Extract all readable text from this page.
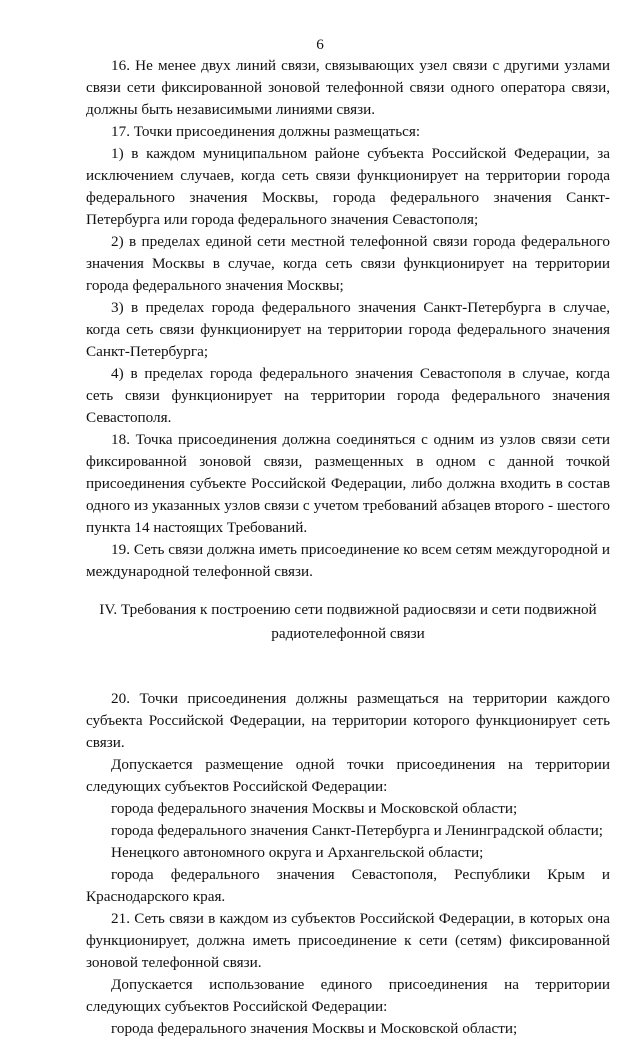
6

16. Не менее двух линий связи, связывающих узел связи с другими узлами связи сети фиксированной зоновой телефонной связи одного оператора связи, должны быть независимыми линиями связи.

17. Точки присоединения должны размещаться:

1) в каждом муниципальном районе субъекта Российской Федерации, за исключением случаев, когда сеть связи функционирует на территории города федерального значения Москвы, города федерального значения Санкт-Петербурга или города федерального значения Севастополя;

2) в пределах единой сети местной телефонной связи города федерального значения Москвы в случае, когда сеть связи функционирует на территории города федерального значения Москвы;

3) в пределах города федерального значения Санкт-Петербурга в случае, когда сеть связи функционирует на территории города федерального значения Санкт-Петербурга;

4) в пределах города федерального значения Севастополя в случае, когда сеть связи функционирует на территории города федерального значения Севастополя.

18. Точка присоединения должна соединяться с одним из узлов связи сети фиксированной зоновой связи, размещенных в одном с данной точкой присоединения субъекте Российской Федерации, либо должна входить в состав одного из указанных узлов связи с учетом требований абзацев второго - шестого пункта 14 настоящих Требований.

19. Сеть связи должна иметь присоединение ко всем сетям междугородной и международной телефонной связи.

IV. Требования к построению сети подвижной радиосвязи и сети подвижной радиотелефонной связи

20. Точки присоединения должны размещаться на территории каждого субъекта Российской Федерации, на территории которого функционирует сеть связи.

Допускается размещение одной точки присоединения на территории следующих субъектов Российской Федерации:

города федерального значения Москвы и Московской области;

города федерального значения Санкт-Петербурга и Ленинградской области;

Ненецкого автономного округа и Архангельской области;

города федерального значения Севастополя, Республики Крым и Краснодарского края.

21. Сеть связи в каждом из субъектов Российской Федерации, в которых она функционирует, должна иметь присоединение к сети (сетям) фиксированной зоновой телефонной связи.

Допускается использование единого присоединения на территории следующих субъектов Российской Федерации:

города федерального значения Москвы и Московской области;
